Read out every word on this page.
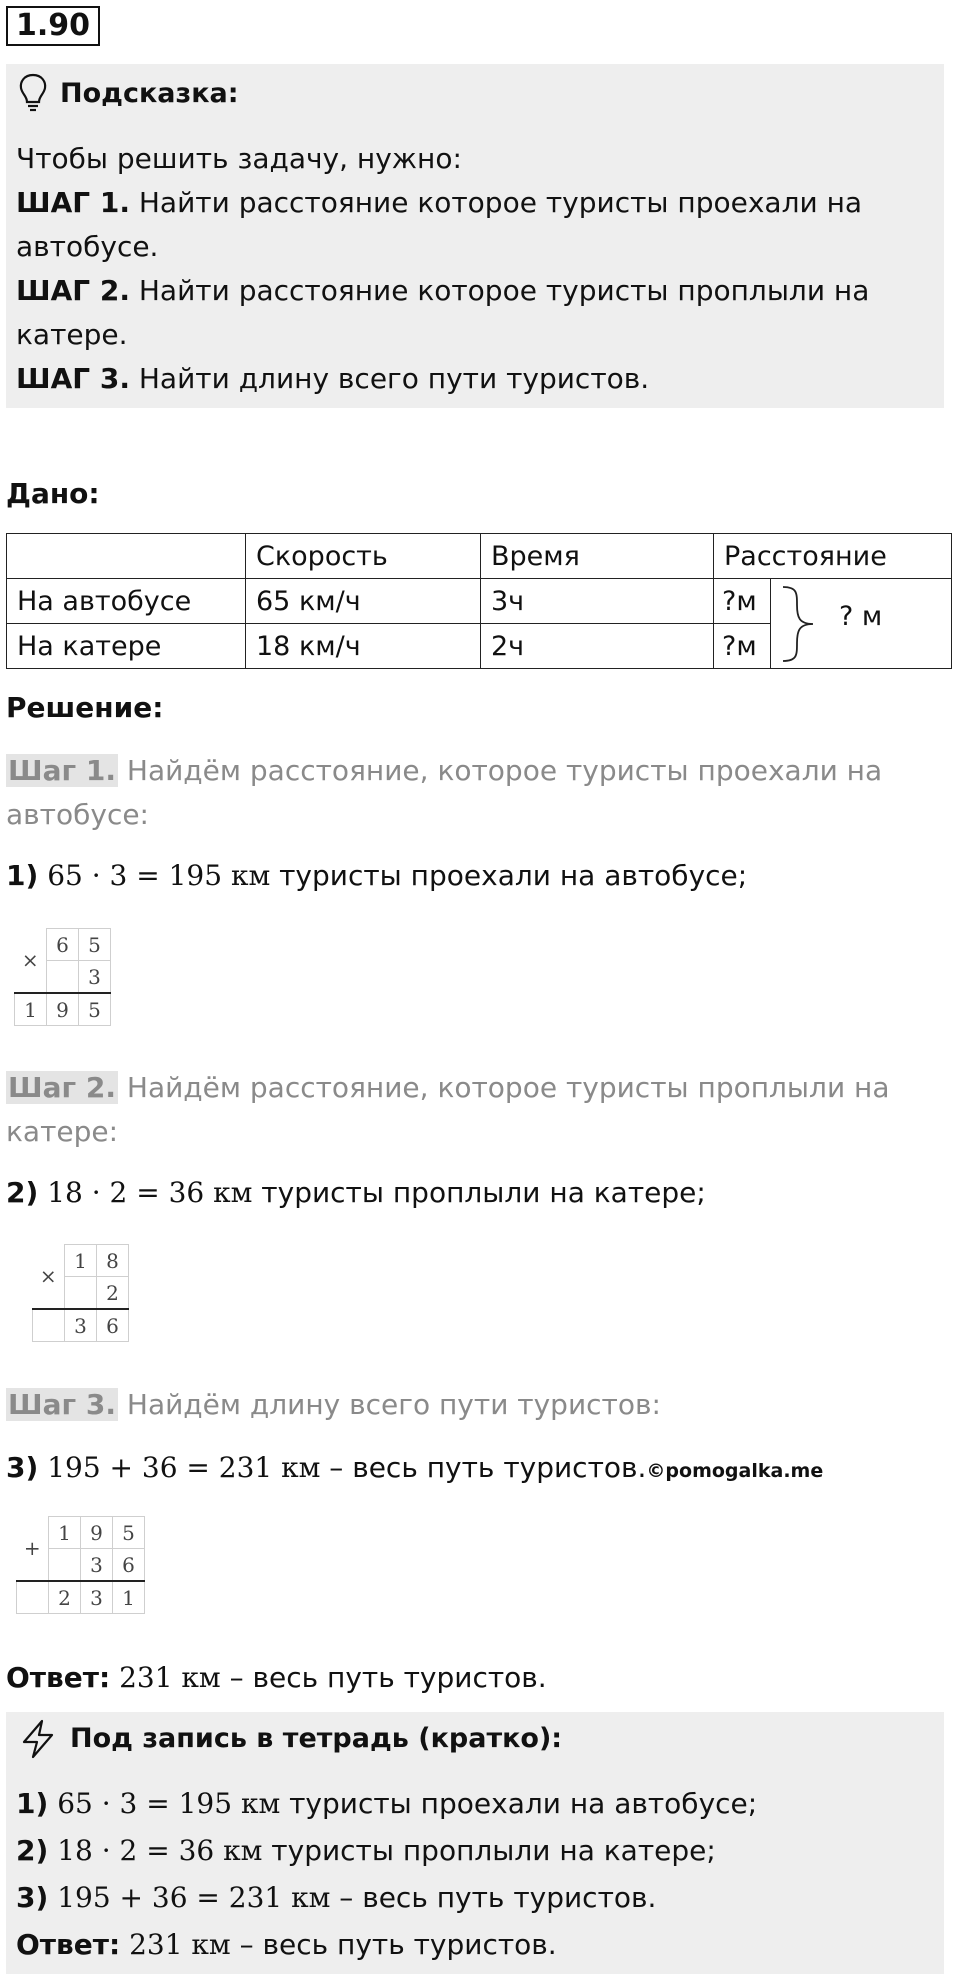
1.90
Подсказка:
Чтобы решить задачу, нужно:
ШАГ 1. Найти расстояние которое туристы проехали на
автобусе.
ШАГ 2. Найти расстояние которое туристы проплыли на
катере.
ШАГ 3. Найти длину всего пути туристов.
Дано:
	Скорость	Время	Расстояние	
На автобусе	65 км/ч	3ч	?м	? м

На катере	18 км/ч	2ч	?м	
Решение:
Шаг 1. Найдём расстояние, которое туристы проехали на
автобусе:
1) 65 · 3 = 195 км туристы проехали на автобусе;
×	6	5
		3
1	9	5
Шаг 2. Найдём расстояние, которое туристы проплыли на
катере:
2) 18 · 2 = 36 км туристы проплыли на катере;
×	1	8
		2
	3	6
Шаг 3. Найдём длину всего пути туристов:
3) 195 + 36 = 231 км – весь путь туристов.©pomogalka.me
+	1	9	5
		3	6
	2	3	1
Ответ: 231 км – весь путь туристов.
Под запись в тетрадь (кратко):
1) 65 · 3 = 195 км туристы проехали на автобусе;
2) 18 · 2 = 36 км туристы проплыли на катере;
3) 195 + 36 = 231 км – весь путь туристов.
Ответ: 231 км – весь путь туристов.
